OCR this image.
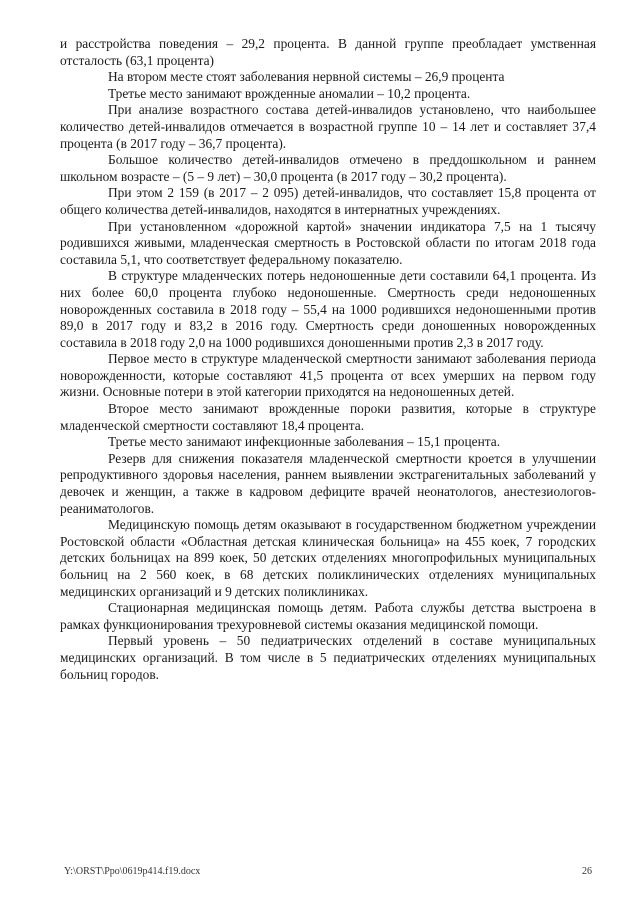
и расстройства поведения – 29,2 процента. В данной группе преобладает умственная отсталость (63,1 процента)

На втором месте стоят заболевания нервной системы – 26,9 процента

Третье место занимают врожденные аномалии – 10,2 процента.

При анализе возрастного состава детей-инвалидов установлено, что наибольшее количество детей-инвалидов отмечается в возрастной группе 10 – 14 лет и составляет 37,4 процента (в 2017 году – 36,7 процента).

Большое количество детей-инвалидов отмечено в преддошкольном и раннем школьном возрасте – (5 – 9 лет) – 30,0 процента (в 2017 году – 30,2 процента).

При этом 2 159 (в 2017 – 2 095) детей-инвалидов, что составляет 15,8 процента от общего количества детей-инвалидов, находятся в интернатных учреждениях.

При установленном «дорожной картой» значении индикатора 7,5 на 1 тысячу родившихся живыми, младенческая смертность в Ростовской области по итогам 2018 года составила 5,1, что соответствует федеральному показателю.

В структуре младенческих потерь недоношенные дети составили 64,1 процента. Из них более 60,0 процента глубоко недоношенные. Смертность среди недоношенных новорожденных составила в 2018 году – 55,4 на 1000 родившихся недоношенными против 89,0 в 2017 году и 83,2 в 2016 году. Смертность среди доношенных новорожденных составила в 2018 году 2,0 на 1000 родившихся доношенными против 2,3 в 2017 году.

Первое место в структуре младенческой смертности занимают заболевания периода новорожденности, которые составляют 41,5 процента от всех умерших на первом году жизни. Основные потери в этой категории приходятся на недоношенных детей.

Второе место занимают врожденные пороки развития, которые в структуре младенческой смертности составляют 18,4 процента.

Третье место занимают инфекционные заболевания – 15,1 процента.

Резерв для снижения показателя младенческой смертности кроется в улучшении репродуктивного здоровья населения, раннем выявлении экстрагенитальных заболеваний у девочек и женщин, а также в кадровом дефиците врачей неонатологов, анестезиологов-реаниматологов.

Медицинскую помощь детям оказывают в государственном бюджетном учреждении Ростовской области «Областная детская клиническая больница» на 455 коек, 7 городских детских больницах на 899 коек, 50 детских отделениях многопрофильных муниципальных больниц на 2 560 коек, в 68 детских поликлинических отделениях муниципальных медицинских организаций и 9 детских поликлиниках.

Стационарная медицинская помощь детям. Работа службы детства выстроена в рамках функционирования трехуровневой системы оказания медицинской помощи.

Первый уровень – 50 педиатрических отделений в составе муниципальных медицинских организаций. В том числе в 5 педиатрических отделениях муниципальных больниц городов.

Y:\ORST\Ppo\0619p414.f19.docx	26
